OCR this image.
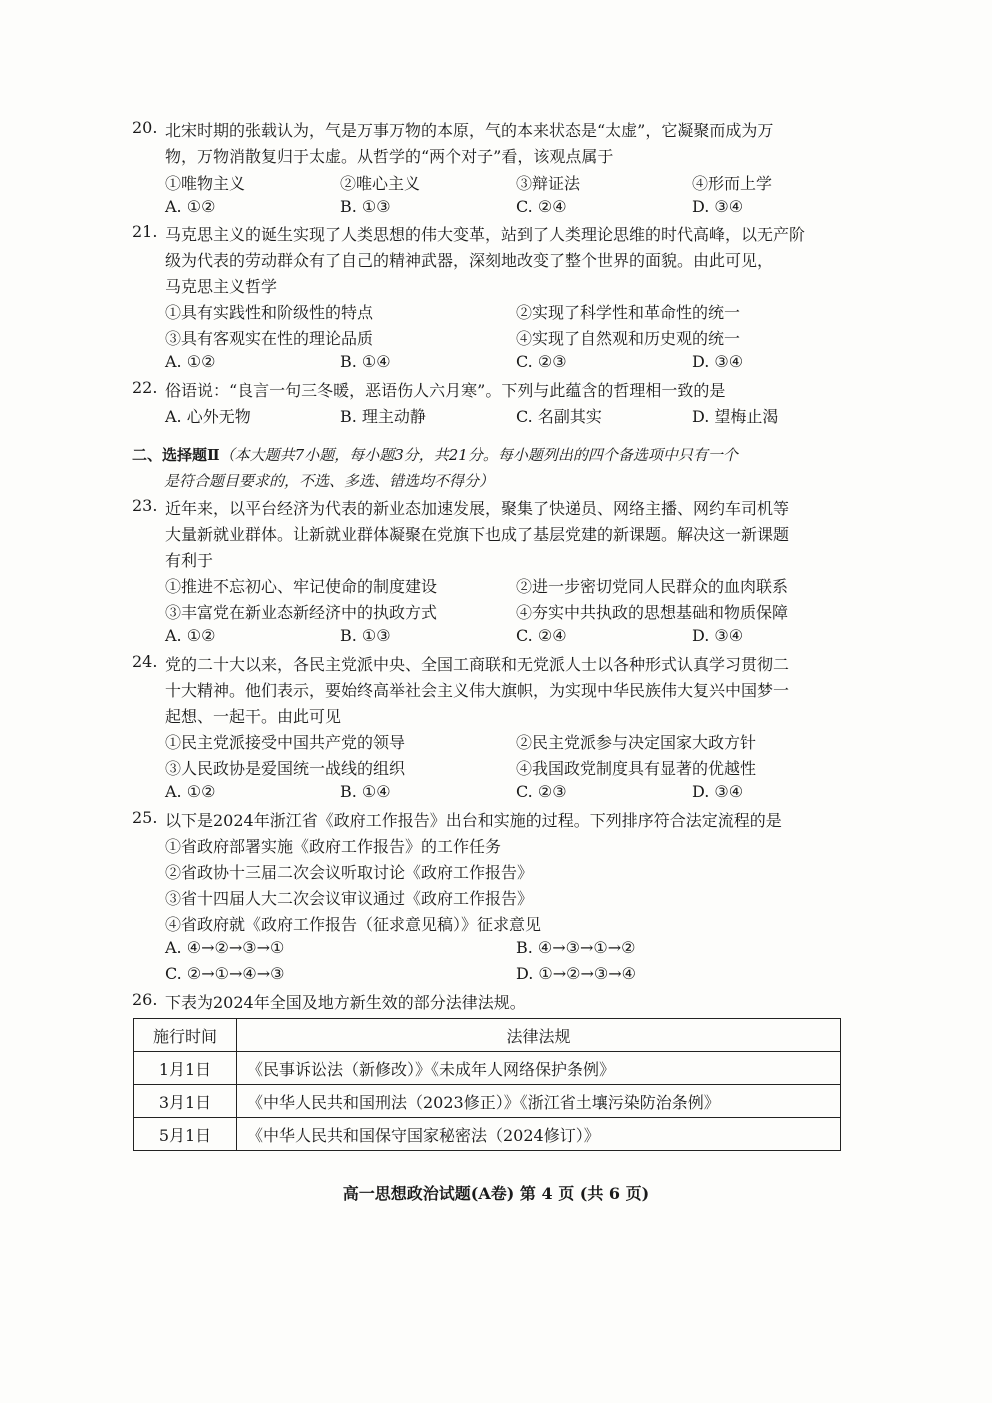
20. 北宋时期的张载认为，气是万事万物的本原，气的本来状态是“太虚”，它凝聚而成为万
物，万物消散复归于太虚。从哲学的“两个对子”看，该观点属于
①唯物主义	②唯心主义	③辩证法	④形而上学
A. ①②	B. ①③	C. ②④	D. ③④
21. 马克思主义的诞生实现了人类思想的伟大变革，站到了人类理论思维的时代高峰，以无产阶
级为代表的劳动群众有了自己的精神武器，深刻地改变了整个世界的面貌。由此可见，
马克思主义哲学
①具有实践性和阶级性的特点	②实现了科学性和革命性的统一
③具有客观实在性的理论品质	④实现了自然观和历史观的统一
A. ①②	B. ①④	C. ②③	D. ③④
22. 俗语说：“良言一句三冬暖，恶语伤人六月寒”。下列与此蕴含的哲理相一致的是
A. 心外无物	B. 理主动静	C. 名副其实	D. 望梅止渴
二、选择题Ⅱ（本大题共7小题，每小题3分，共21分。每小题列出的四个备选项中只有一个
是符合题目要求的，不选、多选、错选均不得分）
23. 近年来，以平台经济为代表的新业态加速发展，聚集了快递员、网络主播、网约车司机等
大量新就业群体。让新就业群体凝聚在党旗下也成了基层党建的新课题。解决这一新课题
有利于
①推进不忘初心、牢记使命的制度建设	②进一步密切党同人民群众的血肉联系
③丰富党在新业态新经济中的执政方式	④夯实中共执政的思想基础和物质保障
A. ①②	B. ①③	C. ②④	D. ③④
24. 党的二十大以来，各民主党派中央、全国工商联和无党派人士以各种形式认真学习贯彻二
十大精神。他们表示，要始终高举社会主义伟大旗帜，为实现中华民族伟大复兴中国梦一
起想、一起干。由此可见
①民主党派接受中国共产党的领导	②民主党派参与决定国家大政方针
③人民政协是爱国统一战线的组织	④我国政党制度具有显著的优越性
A. ①②	B. ①④	C. ②③	D. ③④
25. 以下是2024年浙江省《政府工作报告》出台和实施的过程。下列排序符合法定流程的是
①省政府部署实施《政府工作报告》的工作任务
②省政协十三届二次会议听取讨论《政府工作报告》
③省十四届人大二次会议审议通过《政府工作报告》
④省政府就《政府工作报告（征求意见稿）》征求意见
A. ④→②→③→①	B. ④→③→①→②
C. ②→①→④→③	D. ①→②→③→④
26. 下表为2024年全国及地方新生效的部分法律法规。
施行时间	法律法规
1月1日	《民事诉讼法（新修改）》《未成年人网络保护条例》
3月1日	《中华人民共和国刑法（2023修正）》《浙江省土壤污染防治条例》
5月1日	《中华人民共和国保守国家秘密法（2024修订）》
高一思想政治试题(A卷) 第 4 页 (共 6 页)
